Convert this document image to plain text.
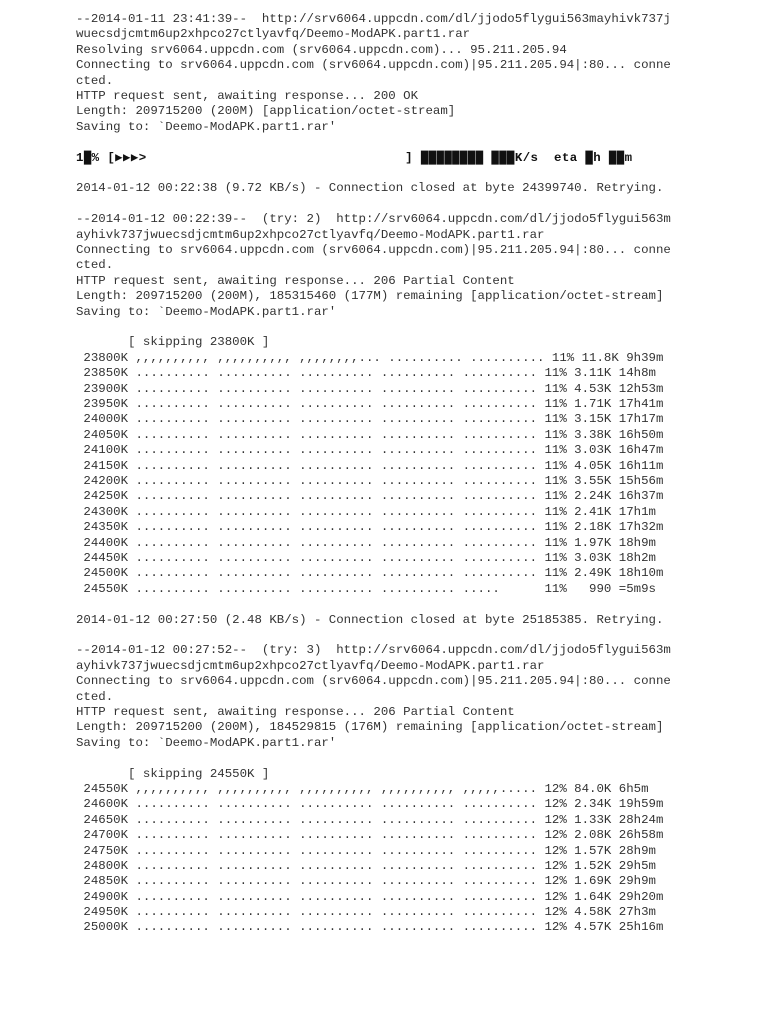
--2014-01-11 23:41:39--  http://srv6064.uppcdn.com/dl/jjodo5flygui563mayhivk737j
wuecsdjcmtm6up2xhpco27ctlyavfq/Deemo-ModAPK.part1.rar
Resolving srv6064.uppcdn.com (srv6064.uppcdn.com)... 95.211.205.94
Connecting to srv6064.uppcdn.com (srv6064.uppcdn.com)|95.211.205.94|:80... conne
cted.
HTTP request sent, awaiting response... 200 OK
Length: 209715200 (200M) [application/octet-stream]
Saving to: `Deemo-ModAPK.part1.rar'
1█% [▶▶▶>                                 ] ████████ ███K/s  eta █h ██m
2014-01-12 00:22:38 (9.72 KB/s) - Connection closed at byte 24399740. Retrying.
--2014-01-12 00:22:39--  (try: 2)  http://srv6064.uppcdn.com/dl/jjodo5flygui563m
ayhivk737jwuecsdjcmtm6up2xhpco27ctlyavfq/Deemo-ModAPK.part1.rar
Connecting to srv6064.uppcdn.com (srv6064.uppcdn.com)|95.211.205.94|:80... conne
cted.
HTTP request sent, awaiting response... 206 Partial Content
Length: 209715200 (200M), 185315460 (177M) remaining [application/octet-stream]
Saving to: `Deemo-ModAPK.part1.rar'
[ skipping 23800K ]
23800K ,,,,,,,,,, ,,,,,,,,,, ,,,,,,,,... .......... .......... 11% 11.8K 9h39m
23850K .......... .......... .......... .......... .......... 11% 3.11K 14h8m
23900K .......... .......... .......... .......... .......... 11% 4.53K 12h53m
23950K .......... .......... .......... .......... .......... 11% 1.71K 17h41m
24000K .......... .......... .......... .......... .......... 11% 3.15K 17h17m
24050K .......... .......... .......... .......... .......... 11% 3.38K 16h50m
24100K .......... .......... .......... .......... .......... 11% 3.03K 16h47m
24150K .......... .......... .......... .......... .......... 11% 4.05K 16h11m
24200K .......... .......... .......... .......... .......... 11% 3.55K 15h56m
24250K .......... .......... .......... .......... .......... 11% 2.24K 16h37m
24300K .......... .......... .......... .......... .......... 11% 2.41K 17h1m
24350K .......... .......... .......... .......... .......... 11% 2.18K 17h32m
24400K .......... .......... .......... .......... .......... 11% 1.97K 18h9m
24450K .......... .......... .......... .......... .......... 11% 3.03K 18h2m
24500K .......... .......... .......... .......... .......... 11% 2.49K 18h10m
24550K .......... .......... .......... .......... .....      11%   990 =5m9s
2014-01-12 00:27:50 (2.48 KB/s) - Connection closed at byte 25185385. Retrying.
--2014-01-12 00:27:52--  (try: 3)  http://srv6064.uppcdn.com/dl/jjodo5flygui563m
ayhivk737jwuecsdjcmtm6up2xhpco27ctlyavfq/Deemo-ModAPK.part1.rar
Connecting to srv6064.uppcdn.com (srv6064.uppcdn.com)|95.211.205.94|:80... conne
cted.
HTTP request sent, awaiting response... 206 Partial Content
Length: 209715200 (200M), 184529815 (176M) remaining [application/octet-stream]
Saving to: `Deemo-ModAPK.part1.rar'
[ skipping 24550K ]
24550K ,,,,,,,,,, ,,,,,,,,,, ,,,,,,,,,, ,,,,,,,,,, ,,,,,..... 12% 84.0K 6h5m
24600K .......... .......... .......... .......... .......... 12% 2.34K 19h59m
24650K .......... .......... .......... .......... .......... 12% 1.33K 28h24m
24700K .......... .......... .......... .......... .......... 12% 2.08K 26h58m
24750K .......... .......... .......... .......... .......... 12% 1.57K 28h9m
24800K .......... .......... .......... .......... .......... 12% 1.52K 29h5m
24850K .......... .......... .......... .......... .......... 12% 1.69K 29h9m
24900K .......... .......... .......... .......... .......... 12% 1.64K 29h20m
24950K .......... .......... .......... .......... .......... 12% 4.58K 27h3m
25000K .......... .......... .......... .......... .......... 12% 4.57K 25h16m
